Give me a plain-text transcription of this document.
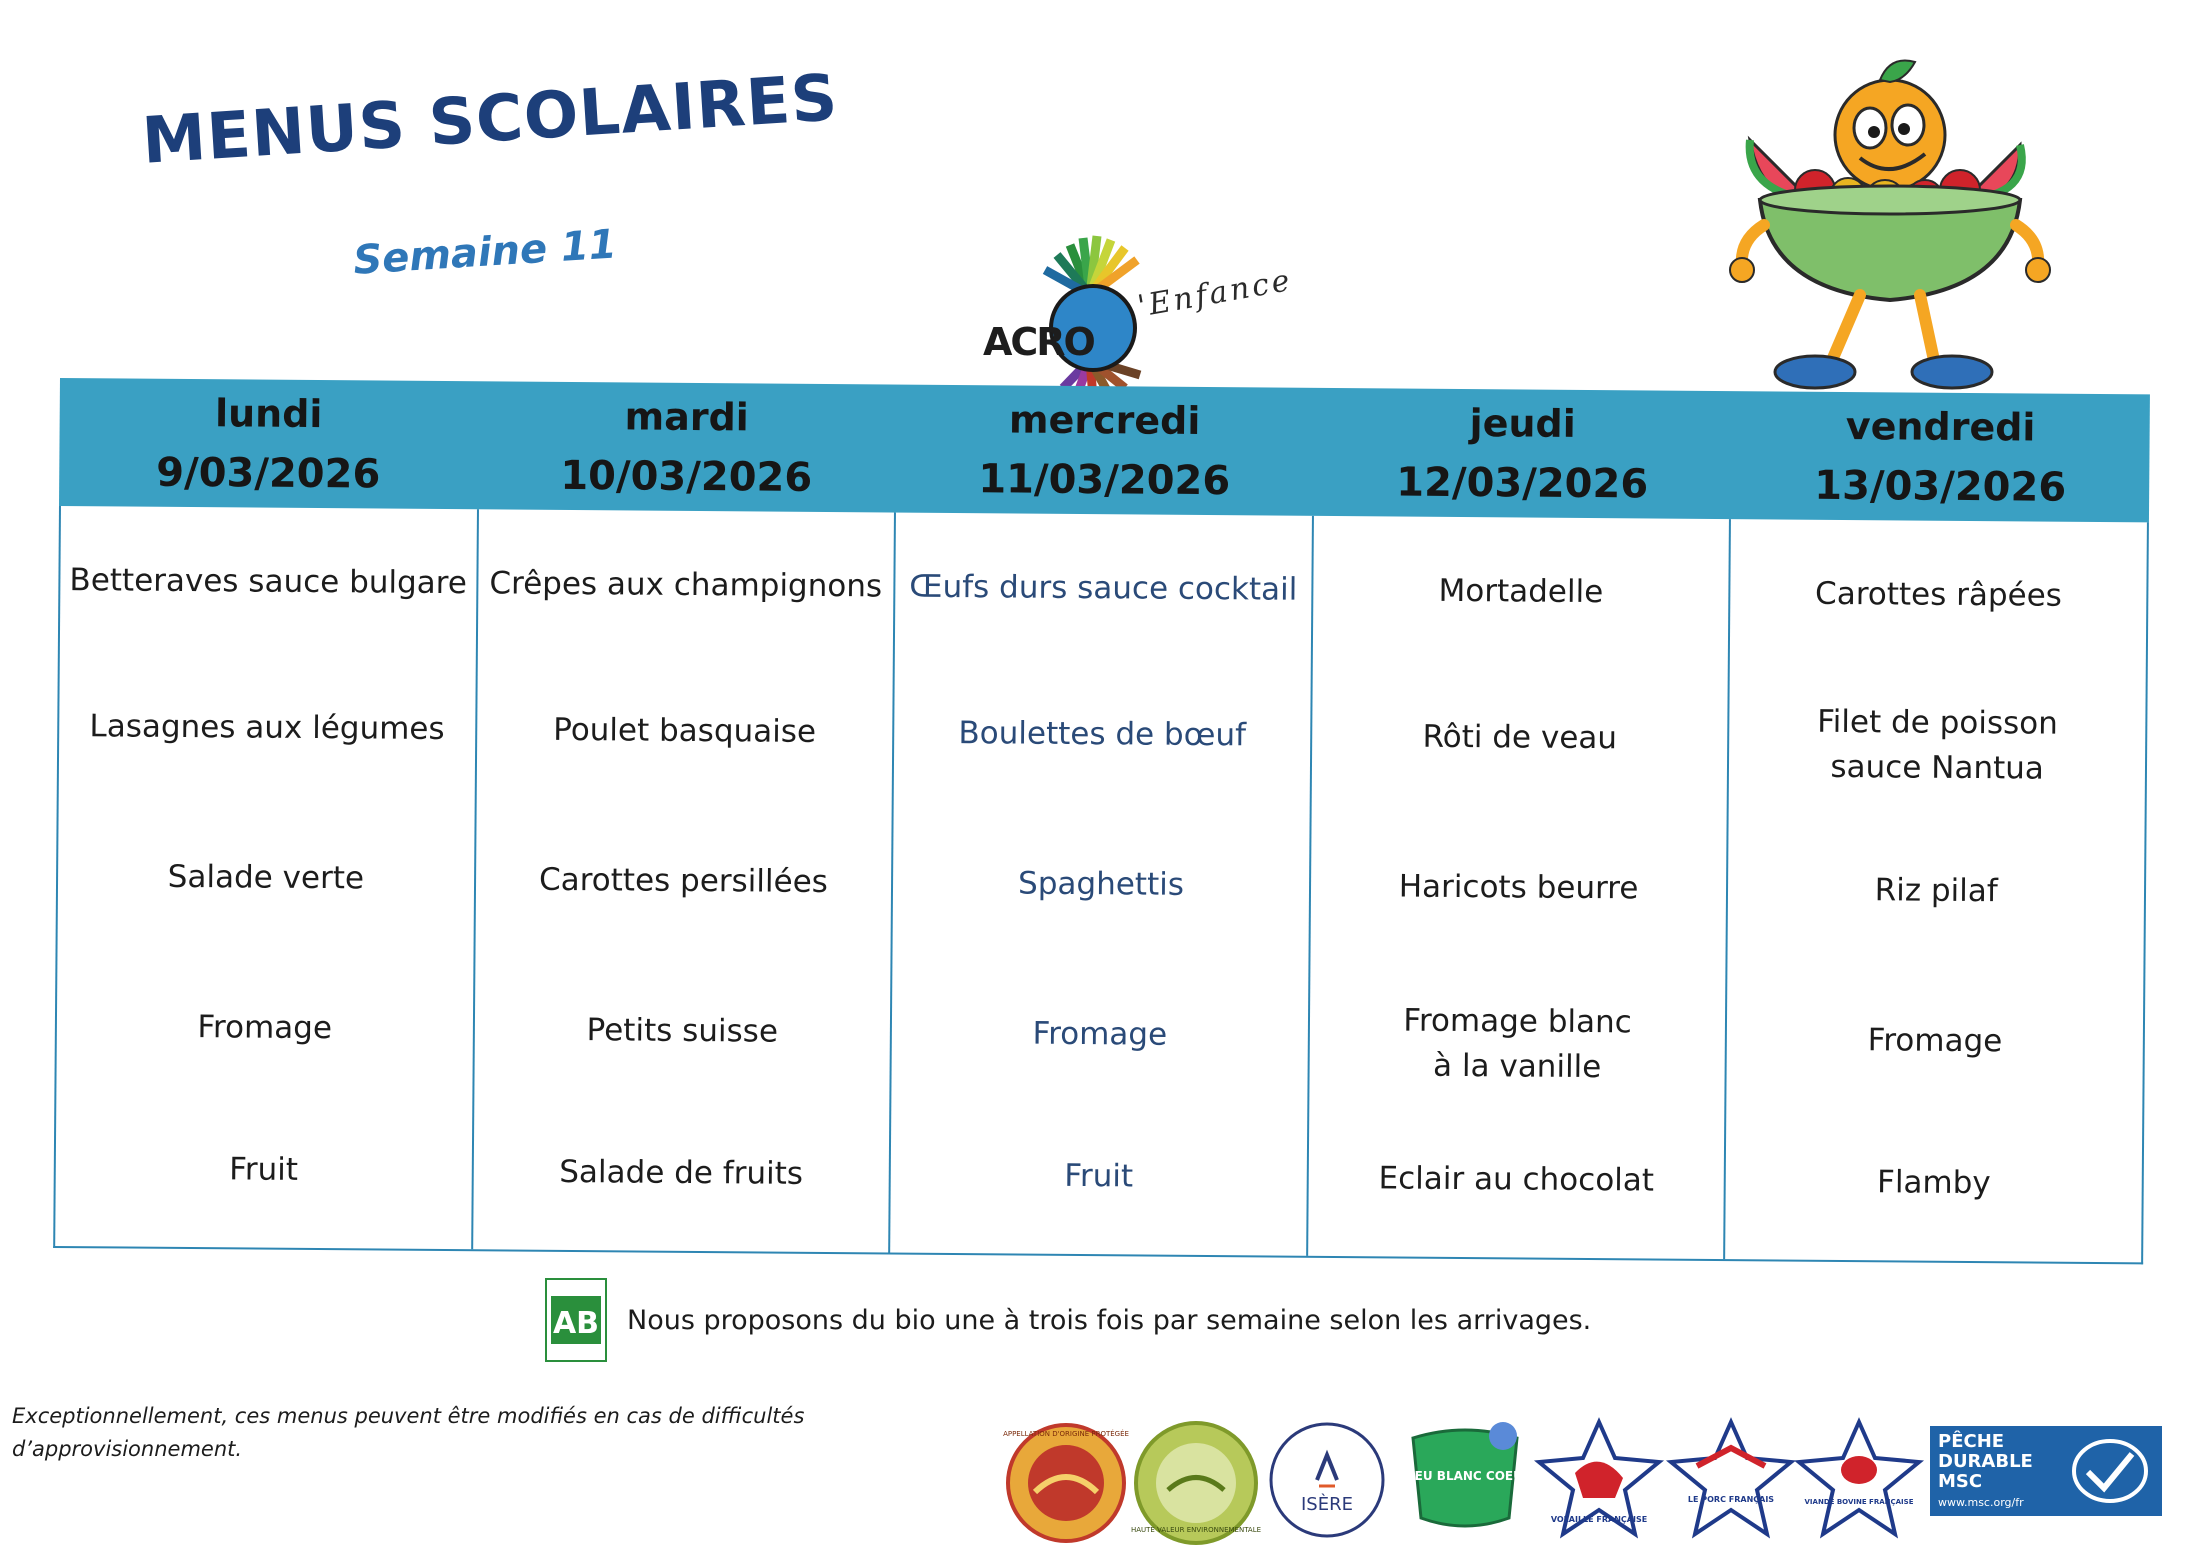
MENUS SCOLAIRES
Semaine 11
ACRO
'Enfance
lundi
9/03/2026
mardi
10/03/2026
mercredi
11/03/2026
jeudi
12/03/2026
vendredi
13/03/2026
Betteraves sauce bulgare
Lasagnes aux légumes
Salade verte
Fromage
Fruit
Crêpes aux champignons
Poulet basquaise
Carottes persillées
Petits suisse
Salade de fruits
Œufs durs sauce cocktail
Boulettes de bœuf
Spaghettis
Fromage
Fruit
Mortadelle
Rôti de veau
Haricots beurre
Fromage blanc
à la vanille
Eclair au chocolat
Carottes râpées
Filet de poisson
sauce Nantua
Riz pilaf
Fromage
Flamby
AB Nous proposons du bio une à trois fois par semaine selon les arrivages.
Exceptionnellement, ces menus peuvent être modifiés en cas de difficultés d’approvisionnement.
APPELLATION D'ORIGINE PROTÉGÉE
HAUTE VALEUR ENVIRONNEMENTALE
ISÈRE
BLEU BLANC COEUR
VOLAILLE FRANÇAISE
LE PORC FRANÇAIS	VIANDE BOVINE FRANÇAISE
PÊCHE DURABLE MSC
www.msc.org/fr
